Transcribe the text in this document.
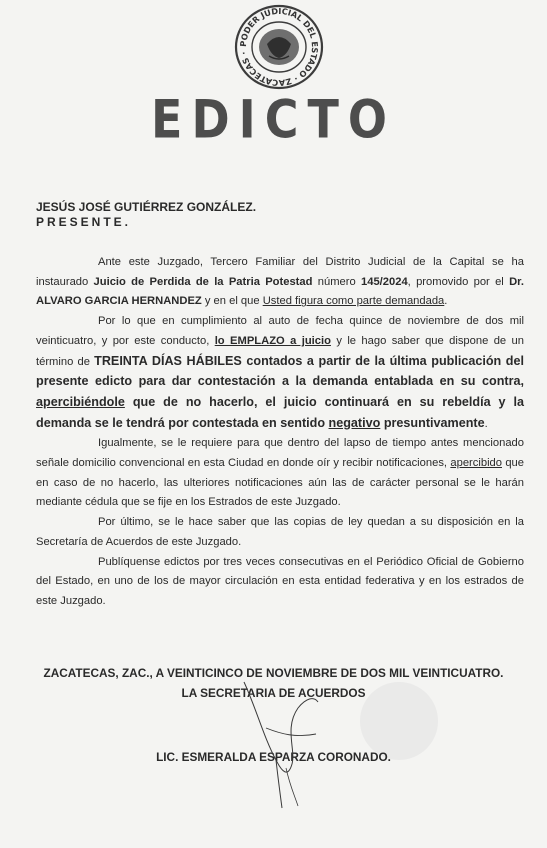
PODER JUDICIAL DEL ESTADO · ZACATECAS ·
EDICTO
JESÚS JOSÉ GUTIÉRREZ GONZÁLEZ.
PRESENTE.

Ante este Juzgado, Tercero Familiar del Distrito Judicial de la Capital se ha instaurado Juicio de Perdida de la Patria Potestad número 145/2024, promovido por el Dr. ALVARO GARCIA HERNANDEZ y en el que Usted figura como parte demandada.

Por lo que en cumplimiento al auto de fecha quince de noviembre de dos mil veinticuatro, y por este conducto, lo EMPLAZO a juicio y le hago saber que dispone de un término de TREINTA DÍAS HÁBILES contados a partir de la última publicación del presente edicto para dar contestación a la demanda entablada en su contra, apercibiéndole que de no hacerlo, el juicio continuará en su rebeldía y la demanda se le tendrá por contestada en sentido negativo presuntivamente.

Igualmente, se le requiere para que dentro del lapso de tiempo antes mencionado señale domicilio convencional en esta Ciudad en donde oír y recibir notificaciones, apercibido que en caso de no hacerlo, las ulteriores notificaciones aún las de carácter personal se le harán mediante cédula que se fije en los Estrados de este Juzgado.

Por último, se le hace saber que las copias de ley quedan a su disposición en la Secretaría de Acuerdos de este Juzgado.

Publíquense edictos por tres veces consecutivas en el Periódico Oficial de Gobierno del Estado, en uno de los de mayor circulación en esta entidad federativa y en los estrados de este Juzgado.

ZACATECAS, ZAC., A VEINTICINCO DE NOVIEMBRE DE DOS MIL VEINTICUATRO.
LA SECRETARIA DE ACUERDOS
LIC. ESMERALDA ESPARZA CORONADO.
